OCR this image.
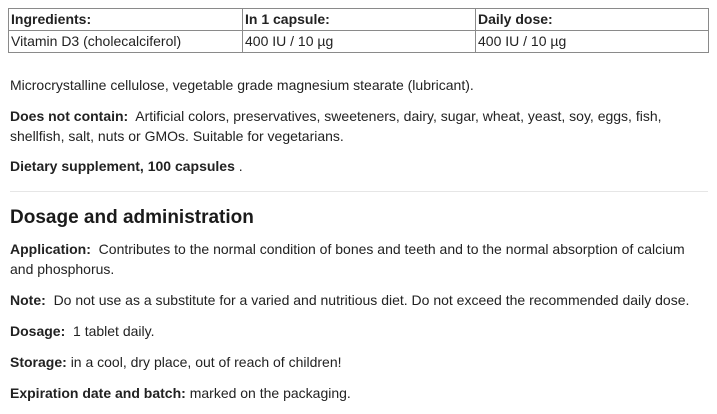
Ingredients:	In 1 capsule:	Daily dose:
Vitamin D3 (cholecalciferol)	400 IU / 10 µg	400 IU / 10 µg

Microcrystalline cellulose, vegetable grade magnesium stearate (lubricant).

Does not contain: Artificial colors, preservatives, sweeteners, dairy, sugar, wheat, yeast, soy, eggs, fish, shellfish, salt, nuts or GMOs. Suitable for vegetarians.

Dietary supplement, 100 capsules .

Dosage and administration

Application: Contributes to the normal condition of bones and teeth and to the normal absorption of calcium and phosphorus.

Note: Do not use as a substitute for a varied and nutritious diet. Do not exceed the recommended daily dose.

Dosage: 1 tablet daily.

Storage: in a cool, dry place, out of reach of children!

Expiration date and batch: marked on the packaging.
